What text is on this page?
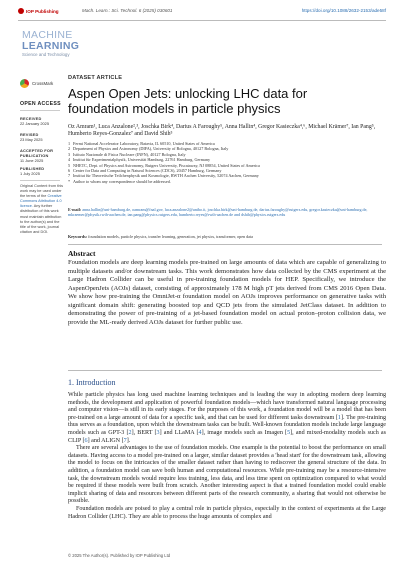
IOP Publishing	Mach. Learn.: Sci. Technol. 6 (2025) 030601	https://doi.org/10.1088/2632-2153/ade58f
MACHINE
LEARNING
Science and Technology
CrossMark
OPEN ACCESS
RECEIVED
22 January 2025
REVISED
23 May 2025
ACCEPTED FOR PUBLICATION
11 June 2025
PUBLISHED
1 July 2025
Original Content from this work may be used under the terms of the Creative Commons Attribution 4.0 licence. Any further distribution of this work must maintain attribution to the author(s) and the title of the work, journal citation and DOI.
DATASET ARTICLE
Aspen Open Jets: unlocking LHC data for foundation models in particle physics
Oz Amram¹, Luca Anzalone²,³, Joschka Birk⁴, Darius A Faroughy⁵, Anna Hallin⁴, Gregor Kasieczka⁴,⁶, Michael Krämer⁷, Ian Pang⁵, Humberto Reyes-Gonzalez⁷ and David Shih⁵
1 Fermi National Accelerator Laboratory, Batavia, IL 60510, United States of America
2 Department of Physics and Astronomy (DIFA), University of Bologna, 40127 Bologna, Italy
3 Istituto Nazionale di Fisica Nucleare (INFN), 40127 Bologna, Italy
4 Institut für Experimentalphysik, Universität Hamburg, 22761 Hamburg, Germany
5 NHETC, Dept. of Physics and Astronomy, Rutgers University, Piscataway, NJ 08854, United States of America
6 Center for Data and Computing in Natural Sciences (CDCS), 20457 Hamburg, Germany
7 Institut für Theoretische Teilchenphysik und Kosmologie, RWTH Aachen University, 52074 Aachen, Germany
* Author to whom any correspondence should be addressed.
E-mail: anna.hallin@uni-hamburg.de, oamram@fnal.gov, luca.anzalone2@unibo.it, joschka.birk@uni-hamburg.de, darius.faroughy@rutgers.edu, gregor.kasieczka@uni-hamburg.de, mkraemer@physik.rwth-aachen.de, ian.pang@physics.rutgers.edu, humberto.reyes@rwth-aachen.de and dshih@physics.rutgers.edu
Keywords: foundation models, particle physics, transfer learning, generation, jet physics, transformer, open data
Abstract
Foundation models are deep learning models pre-trained on large amounts of data which are capable of generalizing to multiple datasets and/or downstream tasks. This work demonstrates how data collected by the CMS experiment at the Large Hadron Collider can be useful in pre-training foundation models for HEP. Specifically, we introduce the AspenOpenJets (AOJs) dataset, consisting of approximately 178 M high pT jets derived from CMS 2016 Open Data. We show how pre-training the OmniJet-α foundation model on AOJs improves performance on generative tasks with significant domain shift: generating boosted top and QCD jets from the simulated JetClass dataset. In addition to demonstrating the power of pre-training of a jet-based foundation model on actual proton–proton collision data, we provide the ML-ready derived AOJs dataset for further public use.
1. Introduction

While particle physics has long used machine learning techniques and is leading the way in adopting modern deep learning methods, the development and application of powerful foundation models—which have transformed natural language processing and computer vision—is still in its early stages. For the purposes of this work, a foundation model will be a model that has been pre-trained on a large amount of data for a specific task, and that can be used for different tasks downstream [1]. The pre-training thus serves as a foundation, upon which the downstream tasks can be built. Well-known foundation models include large language models such as GPT-3 [2], BERT [3] and LLaMA [4], image models such as Imagen [5], and mixed-modality models such as CLIP [6] and ALIGN [7].

There are several advantages to the use of foundation models. One example is the potential to boost the performance on small datasets. Having access to a model pre-trained on a larger, similar dataset provides a 'head start' for the downstream task, allowing the model to focus on the intricacies of the smaller dataset rather than having to rediscover the general structure of the data. In addition, a foundation model can save both human and computational resources. While pre-training may be a resource-intensive task, the downstream models would require less training, less data, and less time spent on optimization compared to what would be required if these models were built from scratch. Another interesting aspect is that a trained foundation model could enable implicit sharing of data and resources between different parts of the research community, a sharing that would not otherwise be possible.

Foundation models are poised to play a central role in particle physics, especially in the context of experiments at the Large Hadron Collider (LHC). They are able to process the huge amounts of complex and

© 2025 The Author(s). Published by IOP Publishing Ltd
